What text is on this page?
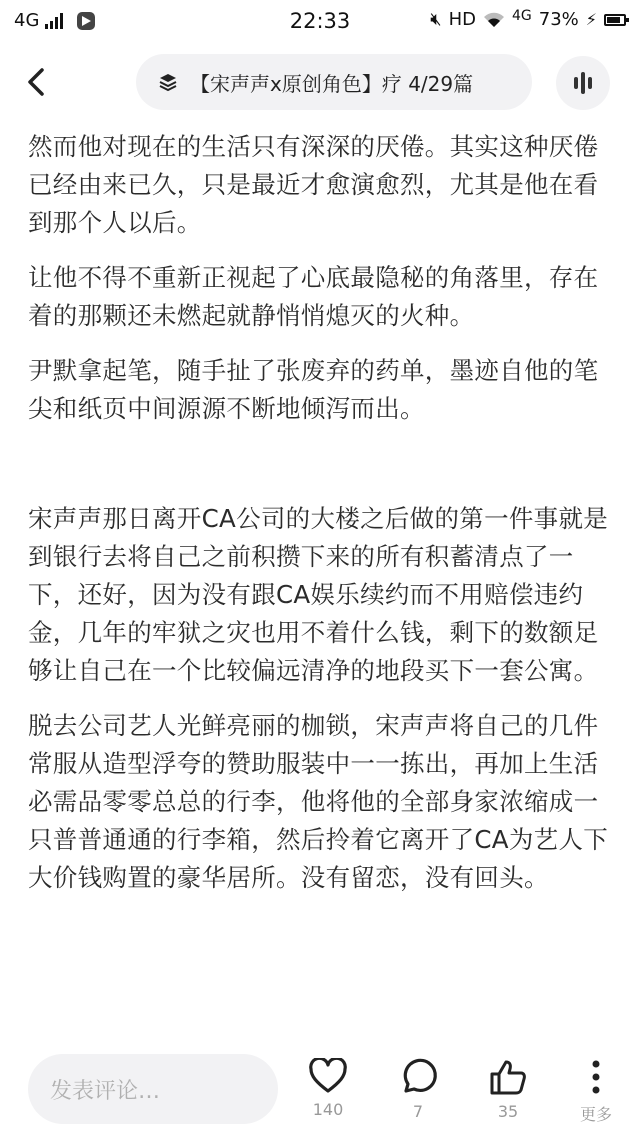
4G	22:33	🔇︎ HD	4G 73% ⚡︎
【宋声声x原创角色】疗 4/29篇

然而他对现在的生活只有深深的厌倦。其实这种厌倦已经由来已久，只是最近才愈演愈烈，尤其是他在看到那个人以后。

让他不得不重新正视起了心底最隐秘的角落里，存在着的那颗还未燃起就静悄悄熄灭的火种。

尹默拿起笔，随手扯了张废弃的药单，墨迹自他的笔尖和纸页中间源源不断地倾泻而出。

宋声声那日离开CA公司的大楼之后做的第一件事就是到银行去将自己之前积攒下来的所有积蓄清点了一下，还好，因为没有跟CA娱乐续约而不用赔偿违约金，几年的牢狱之灾也用不着什么钱，剩下的数额足够让自己在一个比较偏远清净的地段买下一套公寓。

脱去公司艺人光鲜亮丽的枷锁，宋声声将自己的几件常服从造型浮夸的赞助服装中一一拣出，再加上生活必需品零零总总的行李，他将他的全部身家浓缩成一只普普通通的行李箱，然后拎着它离开了CA为艺人下大价钱购置的豪华居所。没有留恋，没有回头。

发表评论…
140	7	35	更多
